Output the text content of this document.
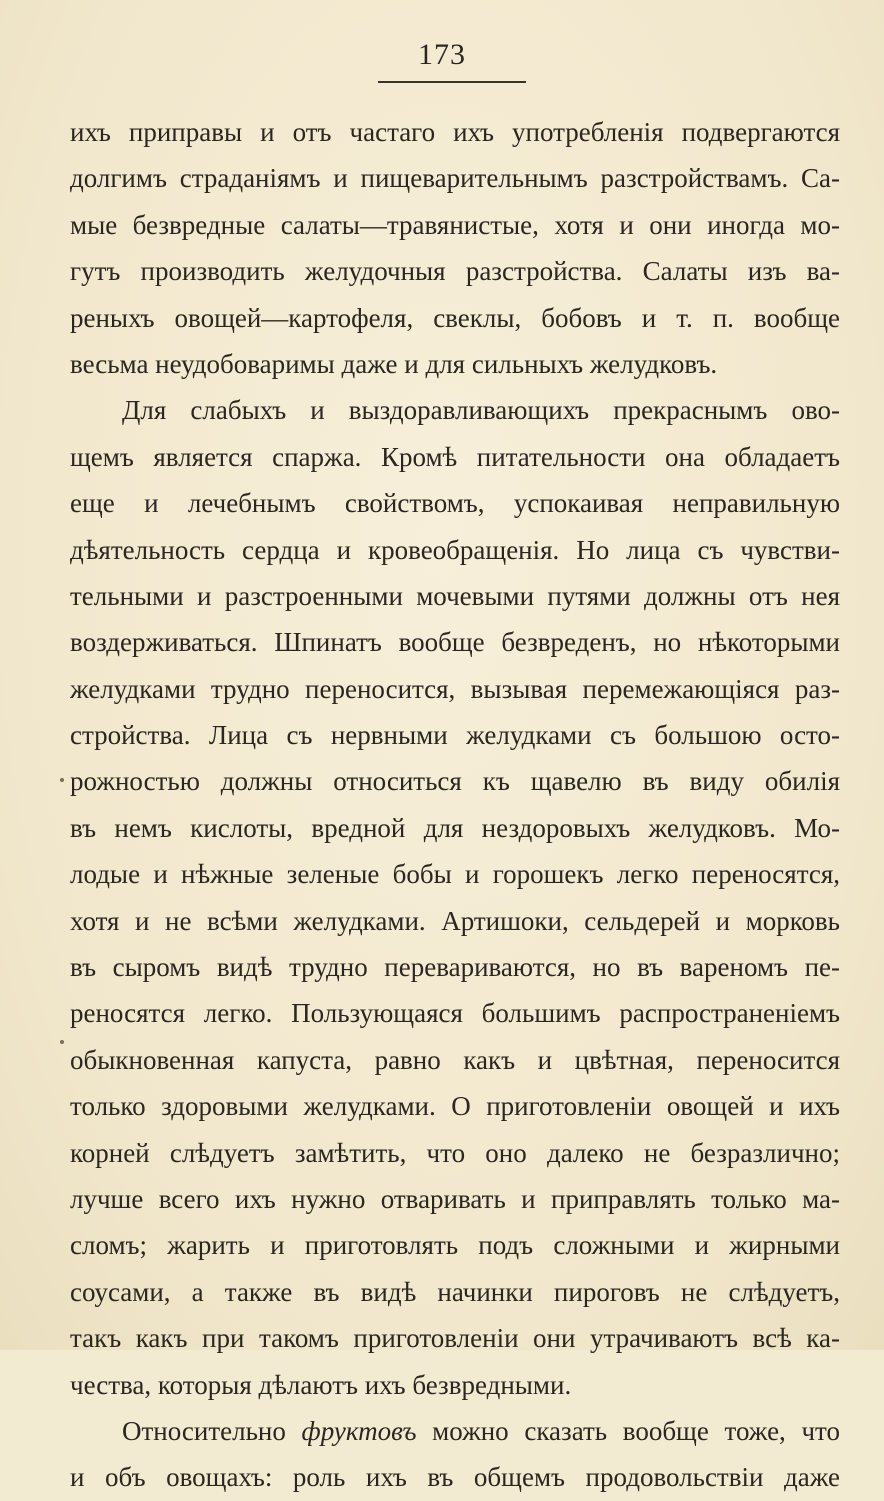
173
ихъ приправы и отъ частаго ихъ употребленія подвергаются
долгимъ страданіямъ и пищеварительнымъ разстройствамъ. Са-
мые безвредные салаты—травянистые, хотя и они иногда мо-
гутъ производить желудочныя разстройства. Салаты изъ ва-
реныхъ овощей—картофеля, свеклы, бобовъ и т. п. вообще
весьма неудобоваримы даже и для сильныхъ желудковъ.
Для слабыхъ и выздоравливающихъ прекраснымъ ово-
щемъ является спаржа. Кромѣ питательности она обладаетъ
еще и лечебнымъ свойствомъ, успокаивая неправильную
дѣятельность сердца и кровеобращенія. Но лица съ чувстви-
тельными и разстроенными мочевыми путями должны отъ нея
воздерживаться. Шпинатъ вообще безвреденъ, но нѣкоторыми
желудками трудно переносится, вызывая перемежающіяся раз-
стройства. Лица съ нервными желудками съ большою осто-
рожностью должны относиться къ щавелю въ виду обилія
въ немъ кислоты, вредной для нездоровыхъ желудковъ. Мо-
лодые и нѣжные зеленые бобы и горошекъ легко переносятся,
хотя и не всѣми желудками. Артишоки, сельдерей и морковь
въ сыромъ видѣ трудно перевариваются, но въ вареномъ пе-
реносятся легко. Пользующаяся большимъ распространеніемъ
обыкновенная капуста, равно какъ и цвѣтная, переносится
только здоровыми желудками. О приготовленіи овощей и ихъ
корней слѣдуетъ замѣтить, что оно далеко не безразлично;
лучше всего ихъ нужно отваривать и приправлять только ма-
сломъ; жарить и приготовлять подъ сложными и жирными
соусами, а также въ видѣ начинки пироговъ не слѣдуетъ,
такъ какъ при такомъ приготовленіи они утрачиваютъ всѣ ка-
чества, которыя дѣлаютъ ихъ безвредными.
Относительно фруктовъ можно сказать вообще тоже, что
и объ овощахъ: роль ихъ въ общемъ продовольствіи даже
